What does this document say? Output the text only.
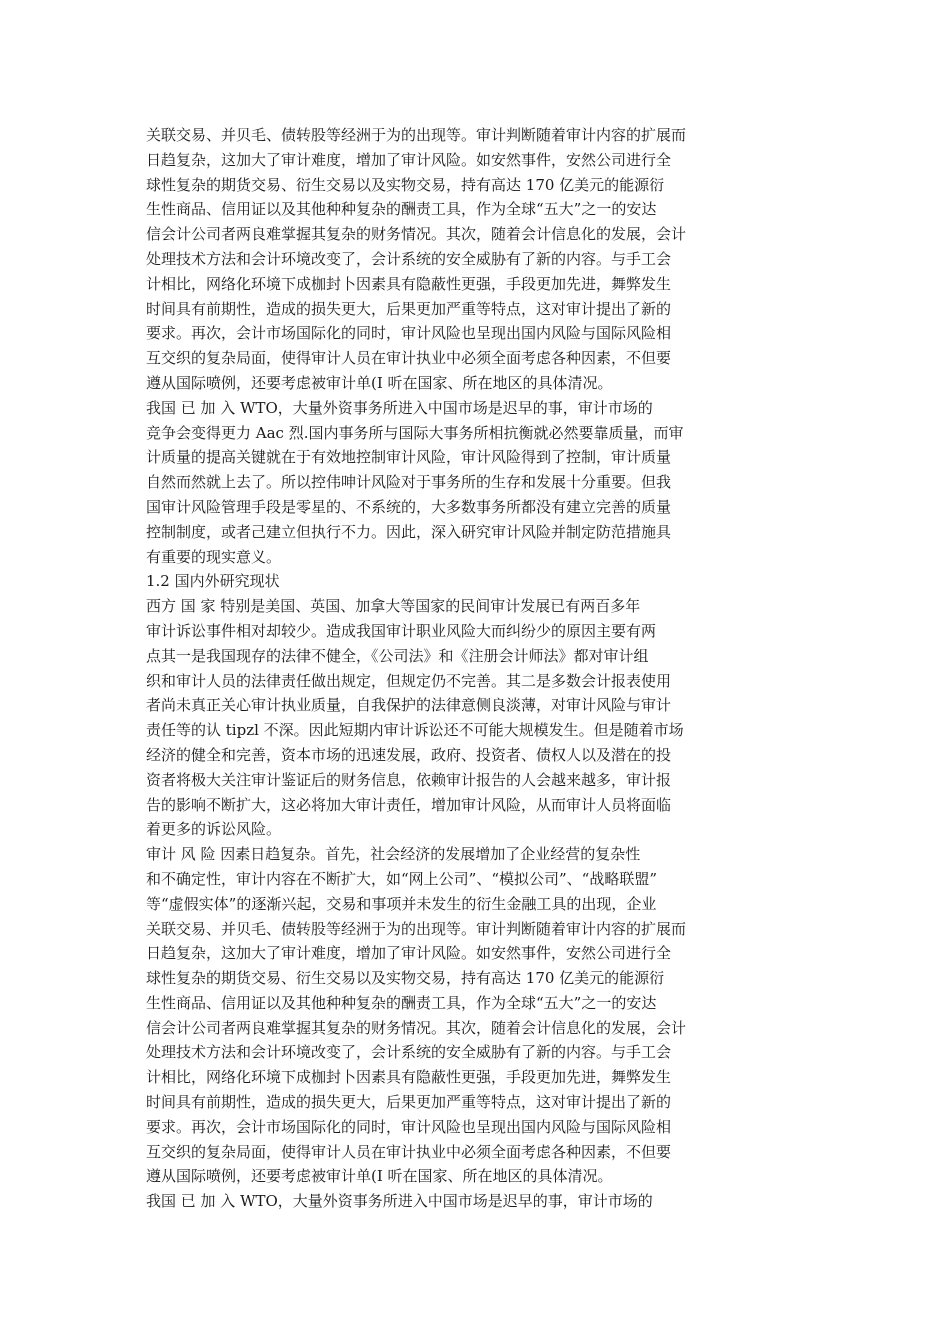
关联交易、并贝毛、债转股等经洲于为的出现等。审计判断随着审计内容的扩展而
日趋复杂，这加大了审计难度，增加了审计风险。如安然事件，安然公司进行全
球性复杂的期货交易、衍生交易以及实物交易，持有高达 170 亿美元的能源衍
生性商品、信用证以及其他种种复杂的酬责工具，作为全球“五大”之一的安达
信会计公司者两良难掌握其复杂的财务情况。其次，随着会计信息化的发展，会计
处理技术方法和会计环境改变了，会计系统的安全威胁有了新的内容。与手工会
计相比，网络化环境下成枷封卜因素具有隐蔽性更强，手段更加先进，舞弊发生
时间具有前期性，造成的损失更大，后果更加严重等特点，这对审计提出了新的
要求。再次，会计市场国际化的同时，审计风险也呈现出国内风险与国际风险相
互交织的复杂局面，使得审计人员在审计执业中必须全面考虑各种因素，不但要
遵从国际喷例，还要考虑被审计单(I 听在国家、所在地区的具体清况。
我国 已 加 入 WTO，大量外资事务所进入中国市场是迟早的事，审计市场的
竞争会变得更力 Aac 烈.国内事务所与国际大事务所相抗衡就必然要靠质量，而审
计质量的提高关键就在于有效地控制审计风险，审计风险得到了控制，审计质量
自然而然就上去了。所以控伟呻计风险对于事务所的生存和发展十分重要。但我
国审计风险管理手段是零星的、不系统的，大多数事务所都没有建立完善的质量
控制制度，或者己建立但执行不力。因此，深入研究审计风险并制定防范措施具
有重要的现实意义。
1.2 国内外研究现状
西方 国 家 特别是美国、英国、加拿大等国家的民间审计发展已有两百多年
审计诉讼事件相对却较少。造成我国审计职业风险大而纠纷少的原因主要有两
点其一是我国现存的法律不健全，《公司法》和《注册会计师法》都对审计组
织和审计人员的法律责任做出规定，但规定仍不完善。其二是多数会计报表使用
者尚未真正关心审计执业质量，自我保护的法律意侧良淡薄，对审计风险与审计
责任等的认 tipzl 不深。因此短期内审计诉讼还不可能大规模发生。但是随着市场
经济的健全和完善，资本市场的迅速发展，政府、投资者、债权人以及潜在的投
资者将极大关注审计鉴证后的财务信息，依赖审计报告的人会越来越多，审计报
告的影响不断扩大，这必将加大审计责任，增加审计风险，从而审计人员将面临
着更多的诉讼风险。
审计 风 险 因素日趋复杂。首先，社会经济的发展增加了企业经营的复杂性
和不确定性，审计内容在不断扩大，如“网上公司”、“模拟公司”、“战略联盟”
等“虚假实体”的逐渐兴起，交易和事项并未发生的衍生金融工具的出现，企业
关联交易、并贝毛、债转股等经洲于为的出现等。审计判断随着审计内容的扩展而
日趋复杂，这加大了审计难度，增加了审计风险。如安然事件，安然公司进行全
球性复杂的期货交易、衍生交易以及实物交易，持有高达 170 亿美元的能源衍
生性商品、信用证以及其他种种复杂的酬责工具，作为全球“五大”之一的安达
信会计公司者两良难掌握其复杂的财务情况。其次，随着会计信息化的发展，会计
处理技术方法和会计环境改变了，会计系统的安全威胁有了新的内容。与手工会
计相比，网络化环境下成枷封卜因素具有隐蔽性更强，手段更加先进，舞弊发生
时间具有前期性，造成的损失更大，后果更加严重等特点，这对审计提出了新的
要求。再次，会计市场国际化的同时，审计风险也呈现出国内风险与国际风险相
互交织的复杂局面，使得审计人员在审计执业中必须全面考虑各种因素，不但要
遵从国际喷例，还要考虑被审计单(I 听在国家、所在地区的具体清况。
我国 已 加 入 WTO，大量外资事务所进入中国市场是迟早的事，审计市场的
